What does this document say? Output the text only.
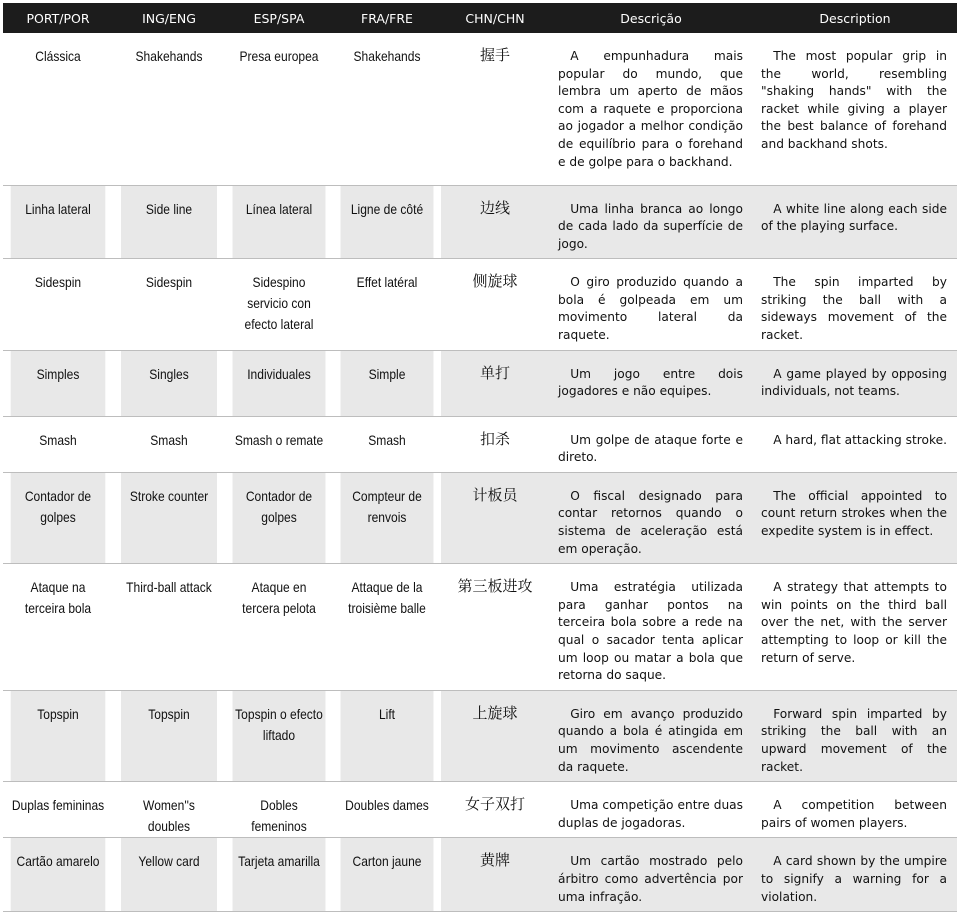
PORT/POR	ING/ENG	ESP/SPA	FRA/FRE	CHN/CHN	Descrição	Description
Clássica	Shakehands	Presa europea	Shakehands	握手	A empunhadura mais popular do mundo, que lembra um aperto de mãos com a raquete e proporciona ao jogador a melhor condição de equilíbrio para o forehand e de golpe para o backhand.	The most popular grip in the world, resembling "shaking hands" with the racket while giving a player the best balance of forehand and backhand shots.

Linha lateral	Side line	Línea lateral	Ligne de côté	边线	Uma linha branca ao longo de cada lado da superfície de jogo.	A white line along each side of the playing surface.

Sidespin	Sidespin	Sidespino servicio con efecto lateral	Effet latéral	侧旋球	O giro produzido quando a bola é golpeada em um movimento lateral da raquete.	The spin imparted by striking the ball with a sideways movement of the racket.

Simples	Singles	Individuales	Simple	单打	Um jogo entre dois jogadores e não equipes.	A game played by opposing individuals, not teams.

Smash	Smash	Smash o remate	Smash	扣杀	Um golpe de ataque forte e direto.	A hard, flat attacking stroke.

Contador de golpes	Stroke counter	Contador de golpes	Compteur de renvois	计板员	O fiscal designado para contar retornos quando o sistema de aceleração está em operação.	The official appointed to count return strokes when the expedite system is in effect.

Ataque na terceira bola	Third-ball attack	Ataque en tercera pelota	Attaque de la troisième balle	第三板进攻	Uma estratégia utilizada para ganhar pontos na terceira bola sobre a rede na qual o sacador tenta aplicar um loop ou matar a bola que retorna do saque.	A strategy that attempts to win points on the third ball over the net, with the server attempting to loop or kill the return of serve.

Topspin	Topspin	Topspin o efecto liftado	Lift	上旋球	Giro em avanço produzido quando a bola é atingida em um movimento ascendente da raquete.	Forward spin imparted by striking the ball with an upward movement of the racket.

Duplas femininas	Women''s doubles	Dobles femeninos	Doubles dames	女子双打	Uma competição entre duas duplas de jogadoras.	A competition between pairs of women players.

Cartão amarelo	Yellow card	Tarjeta amarilla	Carton jaune	黄牌	Um cartão mostrado pelo árbitro como advertência por uma infração.	A card shown by the umpire to signify a warning for a violation.
